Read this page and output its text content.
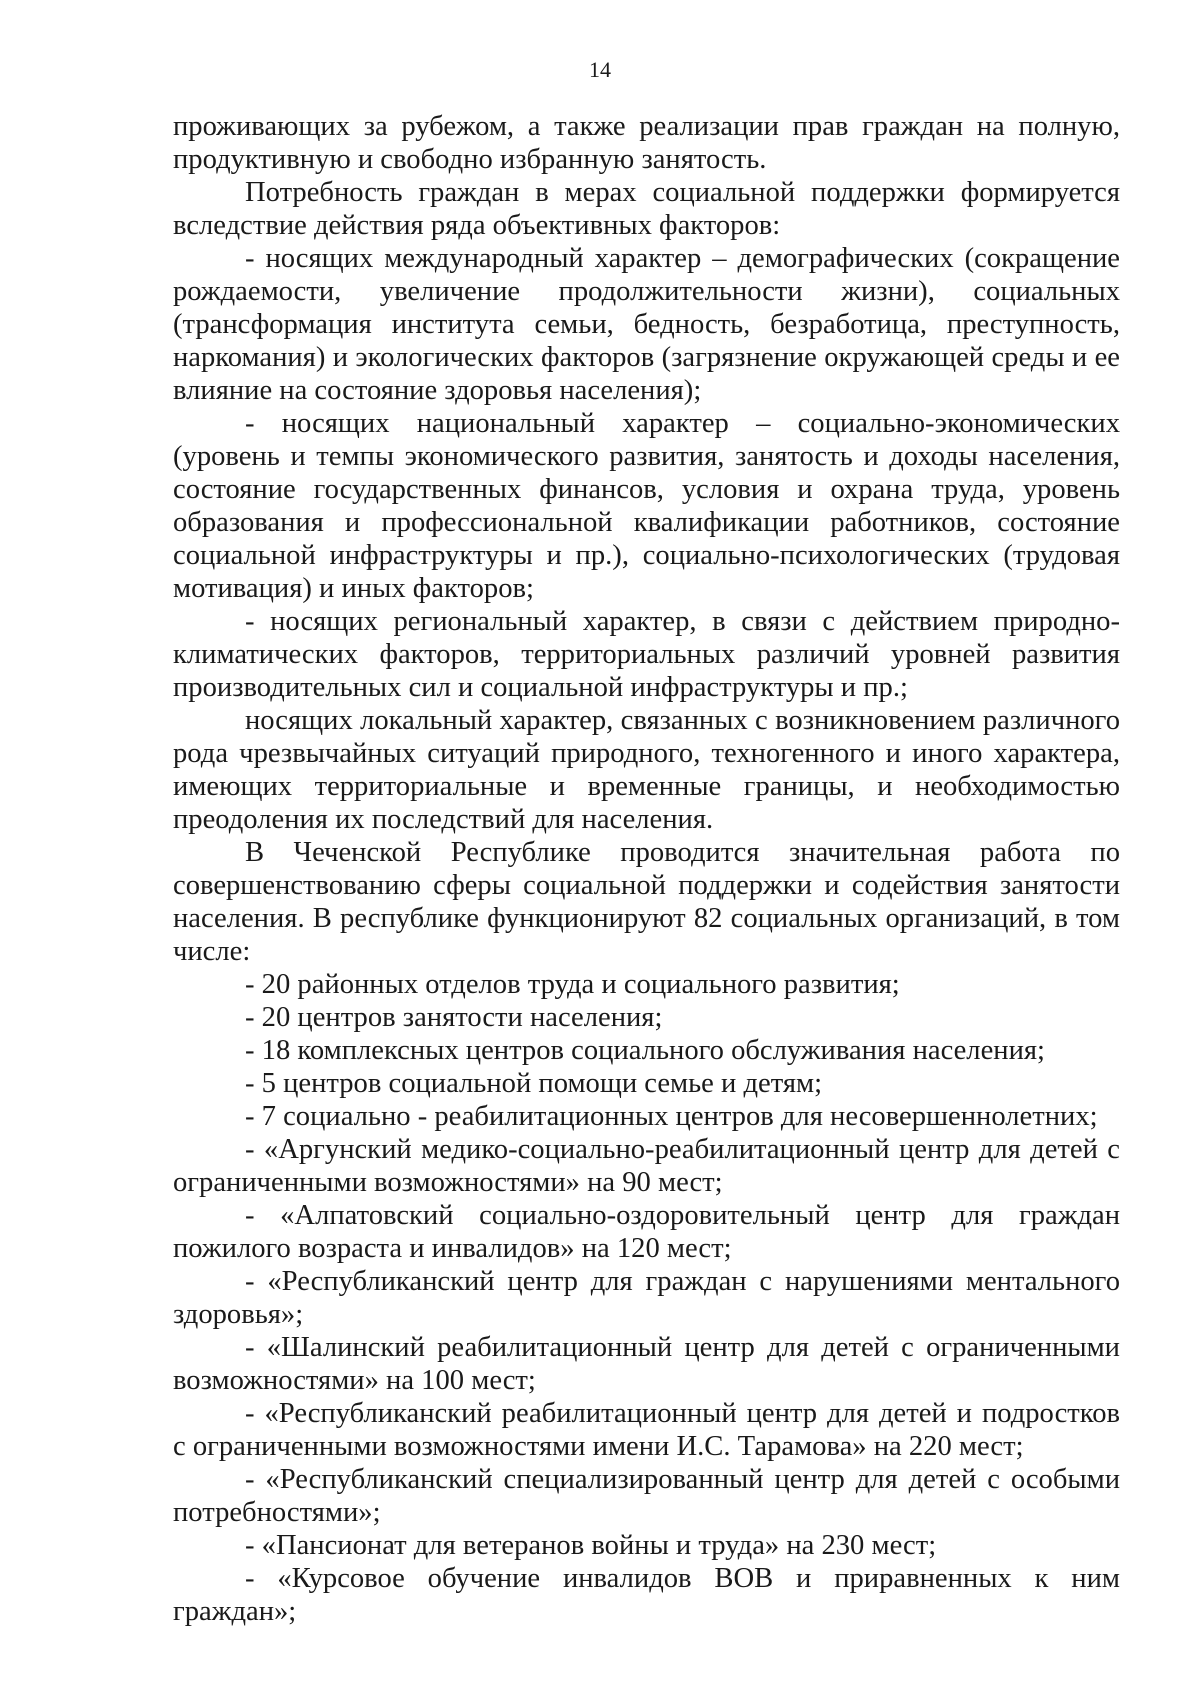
14

проживающих за рубежом, а также реализации прав граждан на полную, продуктивную и свободно избранную занятость.

Потребность граждан в мерах социальной поддержки формируется вследствие действия ряда объективных факторов:

- носящих международный характер – демографических (сокращение рождаемости, увеличение продолжительности жизни), социальных (трансформация института семьи, бедность, безработица, преступность, наркомания) и экологических факторов (загрязнение окружающей среды и ее влияние на состояние здоровья населения);

- носящих национальный характер – социально-экономических (уровень и темпы экономического развития, занятость и доходы населения, состояние государственных финансов, условия и охрана труда, уровень образования и профессиональной квалификации работников, состояние социальной инфраструктуры и пр.), социально-психологических (трудовая мотивация) и иных факторов;

- носящих региональный характер, в связи с действием природно-климатических факторов, территориальных различий уровней развития производительных сил и социальной инфраструктуры и пр.;

носящих локальный характер, связанных с возникновением различного рода чрезвычайных ситуаций природного, техногенного и иного характера, имеющих территориальные и временные границы, и необходимостью преодоления их последствий для населения.

В Чеченской Республике проводится значительная работа по совершенствованию сферы социальной поддержки и содействия занятости населения. В республике функционируют 82 социальных организаций, в том числе:

- 20 районных отделов труда и социального развития;

- 20 центров занятости населения;

- 18 комплексных центров социального обслуживания населения;

- 5 центров социальной помощи семье и детям;

- 7 социально - реабилитационных центров для несовершеннолетних;

- «Аргунский медико-социально-реабилитационный центр для детей с ограниченными возможностями» на 90 мест;

- «Алпатовский социально-оздоровительный центр для граждан пожилого возраста и инвалидов» на 120 мест;

- «Республиканский центр для граждан с нарушениями ментального здоровья»;

- «Шалинский реабилитационный центр для детей с ограниченными возможностями» на 100 мест;

- «Республиканский реабилитационный центр для детей и подростков с ограниченными возможностями имени И.С. Тарамова» на 220 мест;

- «Республиканский специализированный центр для детей с особыми потребностями»;

- «Пансионат для ветеранов войны и труда» на 230 мест;

- «Курсовое обучение инвалидов ВОВ и приравненных к ним граждан»;
